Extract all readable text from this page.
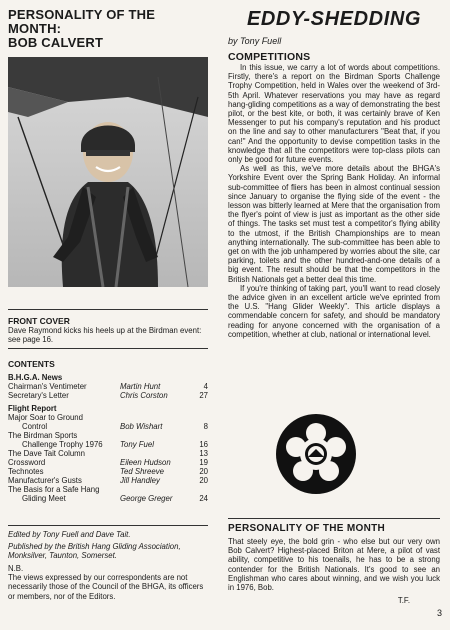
PERSONALITY OF THE MONTH:
BOB CALVERT
FRONT COVER
Dave Raymond kicks his heels up at the Birdman event: see page 16.
CONTENTS
B.H.G.A. News
Chairman's Ventimeter	Martin Hunt	4
Secretary's Letter	Chris Corston	27
Flight Report
Major Soar to Ground
Control	Bob Wishart	8
The Birdman Sports
Challenge Trophy 1976	Tony Fuel	16
The Dave Tait Column	13
Crossword	Eileen Hudson	19
Technotes	Ted Shreeve	20
Manufacturer's Gusts	Jill Handley	20
The Basis for a Safe Hang
Gliding Meet	George Greger	24
Edited by Tony Fuell and Dave Tait.
Published by the British Hang Gliding Association, Monksilver, Taunton, Somerset.
N.B.
The views expressed by our correspondents are not necessarily those of the Council of the BHGA, its officers or members, nor of the Editors.
EDDY-SHEDDING
by Tony Fuell
COMPETITIONS

In this issue, we carry a lot of words about competitions. Firstly, there's a report on the Birdman Sports Challenge Trophy Competition, held in Wales over the weekend of 3rd-5th April. Whatever reservations you may have as regard hang-gliding competitions as a way of demonstrating the best pilot, or the best kite, or both, it was certainly brave of Ken Messenger to put his company's reputation and his product on the line and say to other manufacturers "Beat that, if you can!" And the opportunity to devise competition tasks in the knowledge that all the competitors were top-class pilots can only be good for future events.

As well as this, we've more details about the BHGA's Yorkshire Event over the Spring Bank Holiday. An informal sub-committee of fliers has been in almost continual session since January to organise the flying side of the event - the lesson was bitterly learned at Mere that the organisation from the flyer's point of view is just as important as the other side of things. The tasks set must test a competitor's flying ability to the utmost, if the British Championships are to mean anything internationally. The sub-committee has been able to get on with the job unhampered by worries about the site, car parking, toilets and the other hundred-and-one details of a big event. The result should be that the competitors in the British Nationals get a better deal this time.

If you're thinking of taking part, you'll want to read closely the advice given in an excellent article we've eprinted from the U.S. "Hang Glider Weekly". This article displays a commendable concern for safety, and should be mandatory reading for anyone concerned with the organisation of a competition, whether at club, national or international level.

PERSONALITY OF THE MONTH
That steely eye, the bold grin - who else but our very own Bob Calvert? Highest-placed Briton at Mere, a pilot of vast ability, competitive to his toenails, he has to be a strong contender for the British Nationals. It's good to see an Englishman who cares about winning, and we wish you luck in 1976, Bob.
T.F.
3
